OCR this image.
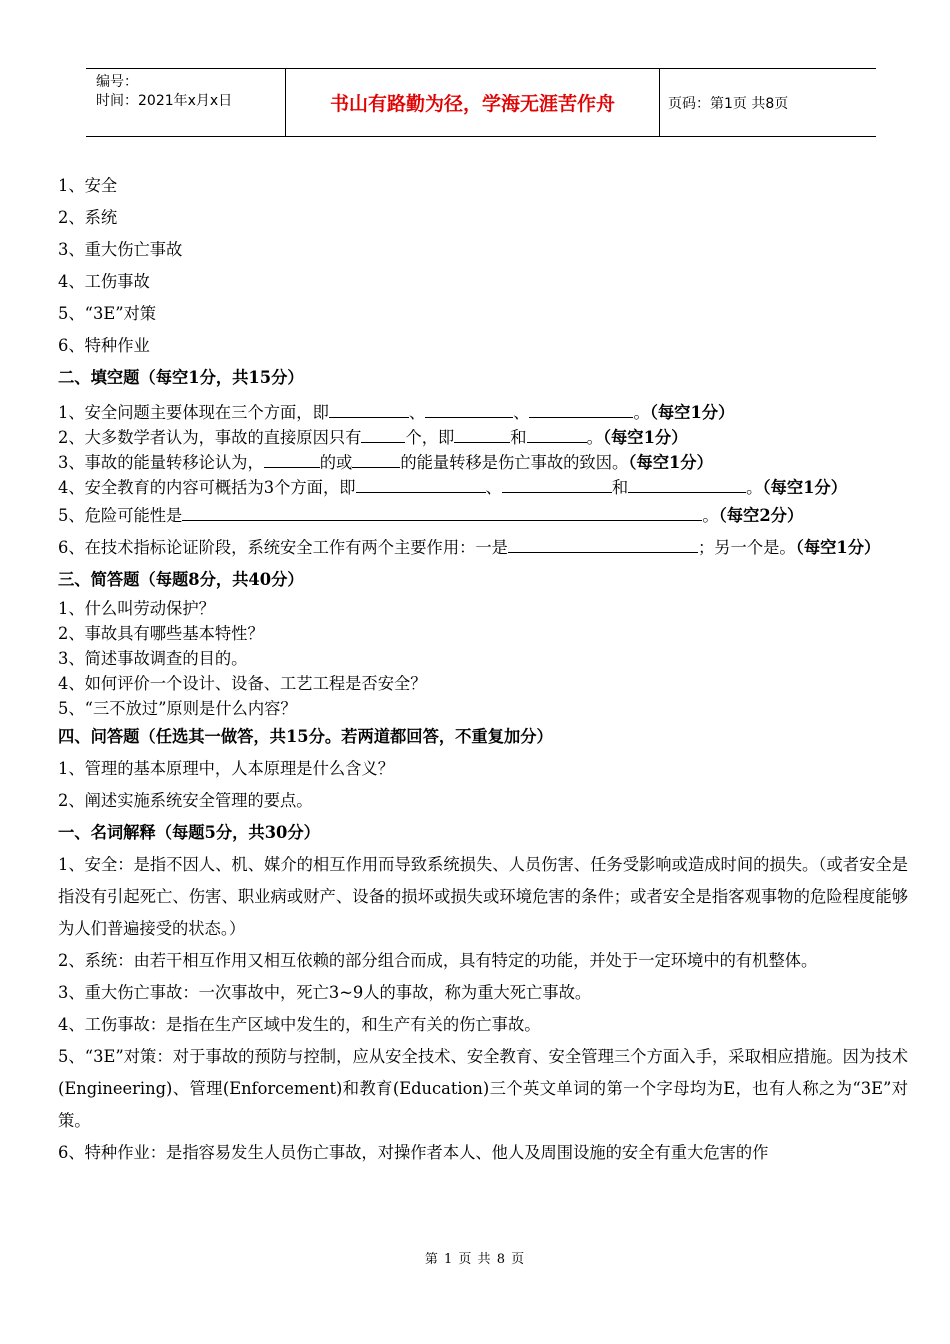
编号：
时间：2021年x月x日	书山有路勤为径，学海无涯苦作舟	页码：第1页 共8页
1、安全
2、系统
3、重大伤亡事故
4、工伤事故
5、“3E”对策
6、特种作业
二、填空题（每空1分，共15分）
1、安全问题主要体现在三个方面，即	、	、	。（每空1分）
2、大多数学者认为，事故的直接原因只有	个，即	和	。（每空1分）
3、事故的能量转移论认为，	的或	的能量转移是伤亡事故的致因。（每空1分）
4、安全教育的内容可概括为3个方面，即	、	和	。（每空1分）
5、危险可能性是	。（每空2分）
6、在技术指标论证阶段，系统安全工作有两个主要作用：一是	；另一个是。（每空1分）
三、简答题（每题8分，共40分）
1、什么叫劳动保护？
2、事故具有哪些基本特性？
3、简述事故调查的目的。
4、如何评价一个设计、设备、工艺工程是否安全？
5、“三不放过”原则是什么内容？
四、问答题（任选其一做答，共15分。若两道都回答，不重复加分）
1、管理的基本原理中，人本原理是什么含义？
2、阐述实施系统安全管理的要点。
一、名词解释（每题5分，共30分）
1、安全：是指不因人、机、媒介的相互作用而导致系统损失、人员伤害、任务受影响或造成时间的损失。（或者安全是指没有引起死亡、伤害、职业病或财产、设备的损坏或损失或环境危害的条件；或者安全是指客观事物的危险程度能够为人们普遍接受的状态。）
2、系统：由若干相互作用又相互依赖的部分组合而成，具有特定的功能，并处于一定环境中的有机整体。
3、重大伤亡事故：一次事故中，死亡3~9人的事故，称为重大死亡事故。
4、工伤事故：是指在生产区域中发生的，和生产有关的伤亡事故。
5、“3E”对策：对于事故的预防与控制，应从安全技术、安全教育、安全管理三个方面入手，采取相应措施。因为技术(Engineering)、管理(Enforcement)和教育(Education)三个英文单词的第一个字母均为E，也有人称之为“3E”对策。
6、特种作业：是指容易发生人员伤亡事故，对操作者本人、他人及周围设施的安全有重大危害的作
第 1 页 共 8 页
